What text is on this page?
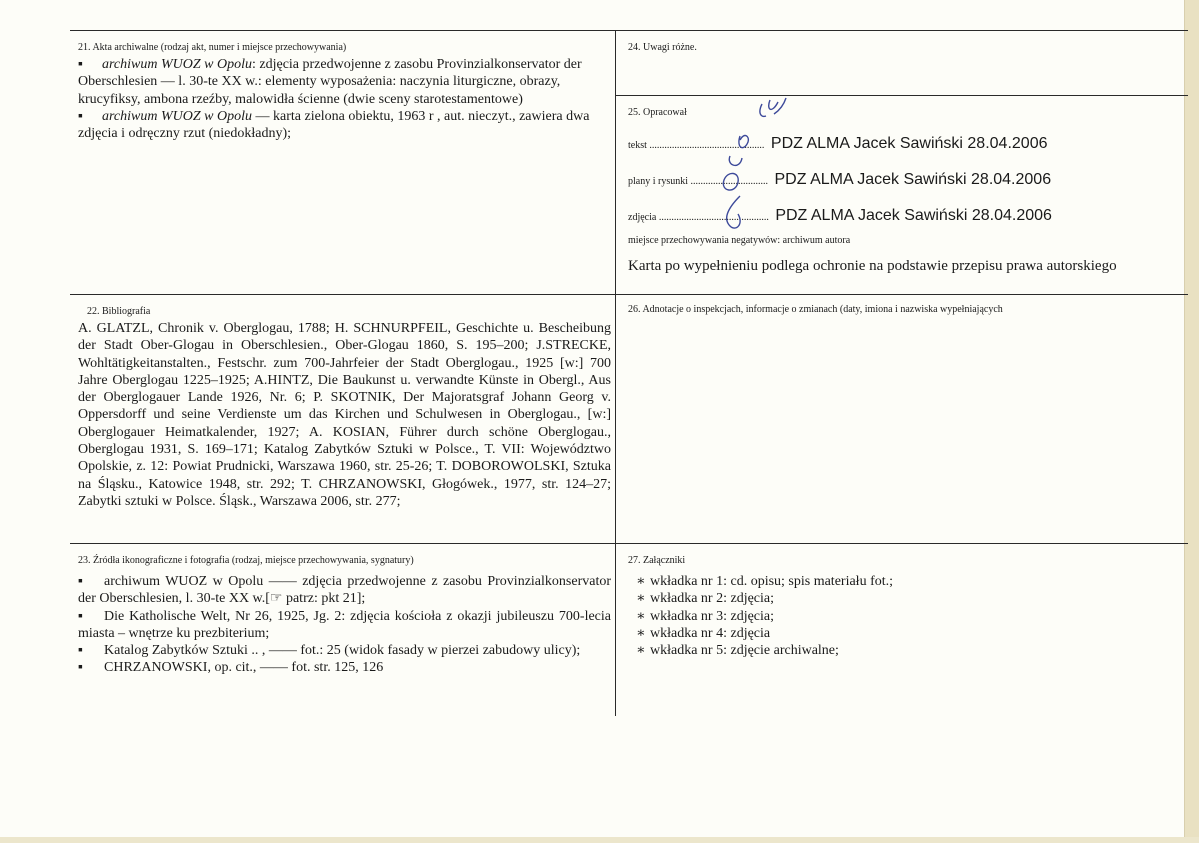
21. Akta archiwalne (rodzaj akt, numer i miejsce przechowywania)
▪ archiwum WUOZ w Opolu: zdjęcia przedwojenne z zasobu Provinzialkonservator der Oberschlesien — l. 30-te XX w.: elementy wyposażenia: naczynia liturgiczne, obrazy, krucyfiksy, ambona rzeźby, malowidła ścienne (dwie sceny starotestamentowe)
▪ archiwum WUOZ w Opolu — karta zielona obiektu, 1963 r , aut. nieczyt., zawiera dwa zdjęcia i odręczny rzut (niedokładny);
24. Uwagi różne.
25. Opracował
tekst .............................................. PDZ ALMA Jacek Sawiński 28.04.2006
plany i rysunki ............................... PDZ ALMA Jacek Sawiński 28.04.2006
zdjęcia ............................................ PDZ ALMA Jacek Sawiński 28.04.2006
miejsce przechowywania negatywów: archiwum autora
Karta po wypełnieniu podlega ochronie na podstawie przepisu prawa autorskiego
22. Bibliografia
A. GLATZL, Chronik v. Oberglogau, 1788; H. SCHNURPFEIL, Geschichte u. Bescheibung der Stadt Ober-Glogau in Oberschlesien., Ober-Glogau 1860, S. 195–200; J.STRECKE, Wohltätigkeitanstalten., Festschr. zum 700-Jahrfeier der Stadt Oberglogau., 1925 [w:] 700 Jahre Oberglogau 1225–1925; A.HINTZ, Die Baukunst u. verwandte Künste in Obergl., Aus der Oberglogauer Lande 1926, Nr. 6; P. SKOTNIK, Der Majoratsgraf Johann Georg v. Oppersdorff und seine Verdienste um das Kirchen und Schulwesen in Oberglogau., [w:] Oberglogauer Heimatkalender, 1927; A. KOSIAN, Führer durch schöne Oberglogau., Oberglogau 1931, S. 169–171; Katalog Zabytków Sztuki w Polsce., T. VII: Województwo Opolskie, z. 12: Powiat Prudnicki, Warszawa 1960, str. 25-26; T. DOBOROWOLSKI, Sztuka na Śląsku., Katowice 1948, str. 292; T. CHRZANOWSKI, Głogówek., 1977, str. 124–27; Zabytki sztuki w Polsce. Śląsk., Warszawa 2006, str. 277;
26. Adnotacje o inspekcjach, informacje o zmianach (daty, imiona i nazwiska wypełniających
23. Źródła ikonograficzne i fotografia (rodzaj, miejsce przechowywania, sygnatury)
▪ archiwum WUOZ w Opolu —— zdjęcia przedwojenne z zasobu Provinzialkonservator der Oberschlesien, l. 30-te XX w.[☞ patrz: pkt 21];
▪ Die Katholische Welt, Nr 26, 1925, Jg. 2: zdjęcia kościoła z okazji jubileuszu 700-lecia miasta – wnętrze ku prezbiterium;
▪ Katalog Zabytków Sztuki .. , —— fot.: 25 (widok fasady w pierzei zabudowy ulicy);
▪ CHRZANOWSKI, op. cit., —— fot. str. 125, 126
27. Załączniki
∗ wkładka nr 1: cd. opisu; spis materiału fot.;
∗ wkładka nr 2: zdjęcia;
∗ wkładka nr 3: zdjęcia;
∗ wkładka nr 4: zdjęcia
∗ wkładka nr 5: zdjęcie archiwalne;
